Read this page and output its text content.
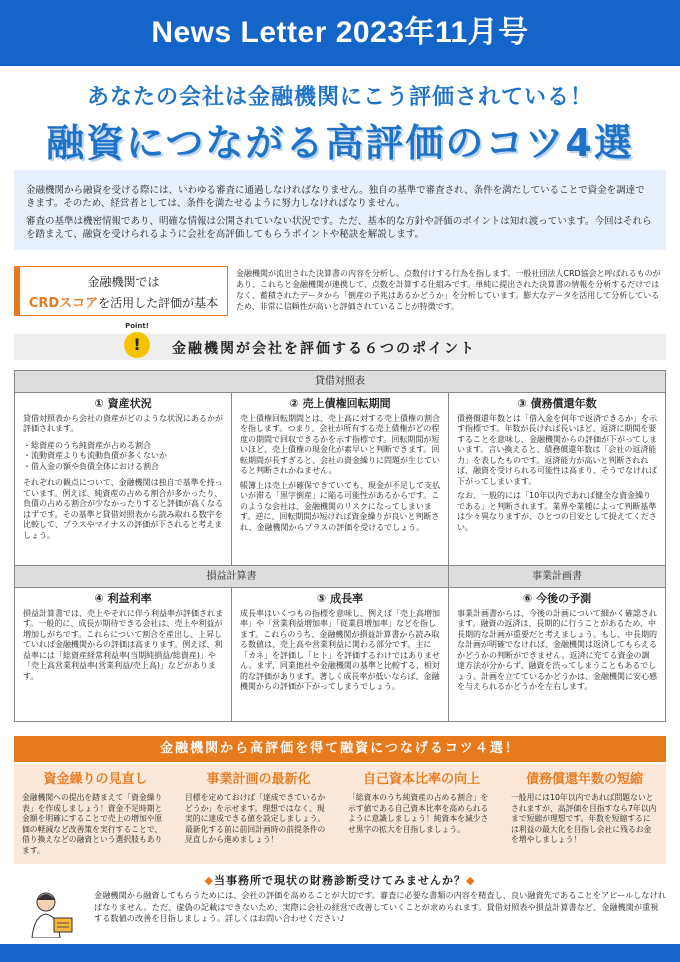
News Letter 2023年11月号
あなたの会社は金融機関にこう評価されている！
融資につながる高評価のコツ4選

金融機関から融資を受ける際には、いわゆる審査に通過しなければなりません。独自の基準で審査され、条件を満たしていることで資金を調達できます。そのため、経営者としては、条件を満たせるように努力しなければなりません。

審査の基準は機密情報であり、明確な情報は公開されていない状況です。ただ、基本的な方針や評価のポイントは知れ渡っています。今回はそれらを踏まえて、融資を受けられるように会社を高評価してもらうポイントや秘訣を解説します。

金融機関では
CRDスコアを活用した評価が基本
金融機関が流出された決算書の内容を分析し、点数付けする行為を指します。一般社団法人CRD協会と呼ばれるものがあり、これらと金融機関が連携して、点数を計算する仕組みです。単純に提出された決算書の情報を分析するだけではなく、蓄積されたデータから「倒産の予兆はあるかどうか」を分析しています。膨大なデータを活用して分析しているため、非常に信頼性が高いと評価されていることが特徴です。
Point!
!	金融機関が会社を評価する６つのポイント
貸借対照表
① 資産状況

貸借対照表から会社の資産がどのような状況にあるかが評価されます。

・総資産のうち純資産が占める割合
・流動資産よりも流動負債が多くないか
・借入金の額や負債全体における割合

それぞれの観点について、金融機関は独自で基準を持っています。例えば、純資産の占める割合が多かったり、負債の占める割合が少なかったりすると評価が高くなるはずです。その基準と貸借対照表から読み取れる数字を比較して、プラスやマイナスの評価が下されると考えましょう。

② 売上債権回転期間

売上債権回転期間とは、売上高に対する売上債権の割合を指します。つまり、会社が所有する売上債権がどの程度の期間で回収できるかを示す指標です。回転期間が短いほど、売上債権の現金化が素早いと判断できます。回転期間が長すぎると、会社の資金繰りに問題が生じていると判断されかねません。

帳簿上は売上が確保できていても、現金が不足して支払いが滞る「黒字倒産」に陥る可能性があるからです。このような会社は、金融機関のリスクになってしまいます。逆に、回転期間が短ければ資金繰りが良いと判断され、金融機関からプラスの評価を受けるでしょう。

③ 債務償還年数

債務償還年数とは「借入金を何年で返済できるか」を示す指標です。年数が長ければ長いほど、返済に期間を要することを意味し、金融機関からの評価が下がってしまいます。言い換えると、債務償還年数は「会社の返済能力」を表したものです。返済能力が高いと判断されれば、融資を受けられる可能性は高まり、そうでなければ下がってしまいます。

なお、一般的には「10年以内であれば健全な資金繰りである」と判断されます。業界や業種によって判断基準は少々異なりますが、ひとつの目安として捉えてください。

損益計算書	事業計画書
④ 利益利率

損益計算書では、売上やそれに伴う利益率が評価されます。一般的に、成長が期待できる会社は、売上や利益が増加しがちです。これらについて割合を産出し、上昇していれば金融機関からの評価は高まります。例えば、利益率には「総資産経常利益率(当期純損益/総資産)」や「売上高営業利益率(営業利益/売上高)」などがあります。

⑤ 成長率

成長率はいくつもの指標を意味し、例えば「売上高増加率」や「営業利益増加率」「従業員増加率」などを指します。これらのうち、金融機関が損益計算書から読み取る数値は、売上高や営業利益に関わる部分です。主に「カネ」を評価し「ヒト」を評価するわけではありません。まず、同業他社や金融機関の基準と比較する、相対的な評価があります。著しく成長率が低いならば、金融機関からの評価が下がってしまうでしょう。

⑥ 今後の予測

事業計画書からは、今後の計画について細かく確認されます。融資の返済は、長期的に行うことがあるため、中長期的な計画が重要だと考えましょう。もし、中長期的な計画が明確でなければ、金融機関は返済してもらえるかどうかの判断ができません。返済に充てる資金の調達方法が分からず、融資を渋ってしまうこともあるでしょう。計画を立てているかどうかは、金融機関に安心感を与えられるかどうかを左右します。

金融機関から高評価を得て融資につなげるコツ４選！
資金繰りの見直し

金融機関への提出を踏まえて「資金繰り表」を作成しましょう！資金不足時期と金額を明確にすることで売上の増加や原価の軽減など改善策を実行することで、借り換えなどの融資という選択肢もあります。

事業計画の最新化

目標を定めておけば「達成できているかどうか」を示せます。理想ではなく、現実的に達成できる値を設定しましょう。最新化する前に前回計画時の前提条件の見直しから進めましょう！

自己資本比率の向上

「総資本のうち純資産の占める割合」を示す値である自己資本比率を高められるように意識しましょう！純資本を減少させ黒字の拡大を目指しましょう。

債務償還年数の短縮

一般用には10年以内であれば問題ないとされますが、高評価を目指すなら7年以内まで短縮が理想です。年数を短縮するには利益の最大化を目指し会社に残るお金を増やしましょう！

◆当事務所で現状の財務診断受けてみませんか？◆
金融機関から融資してもらうためには、会社の評価を高めることが大切です。審査に必要な書類の内容を精査し、良い融資先であることをアピールしなければなりません。ただ、虚偽の記載はできないため、実際に会社の経営で改善していくことが求められます。貸借対照表や損益計算書など、金融機関が重視する数値の改善を目指しましょう。詳しくはお問い合わせください♪
